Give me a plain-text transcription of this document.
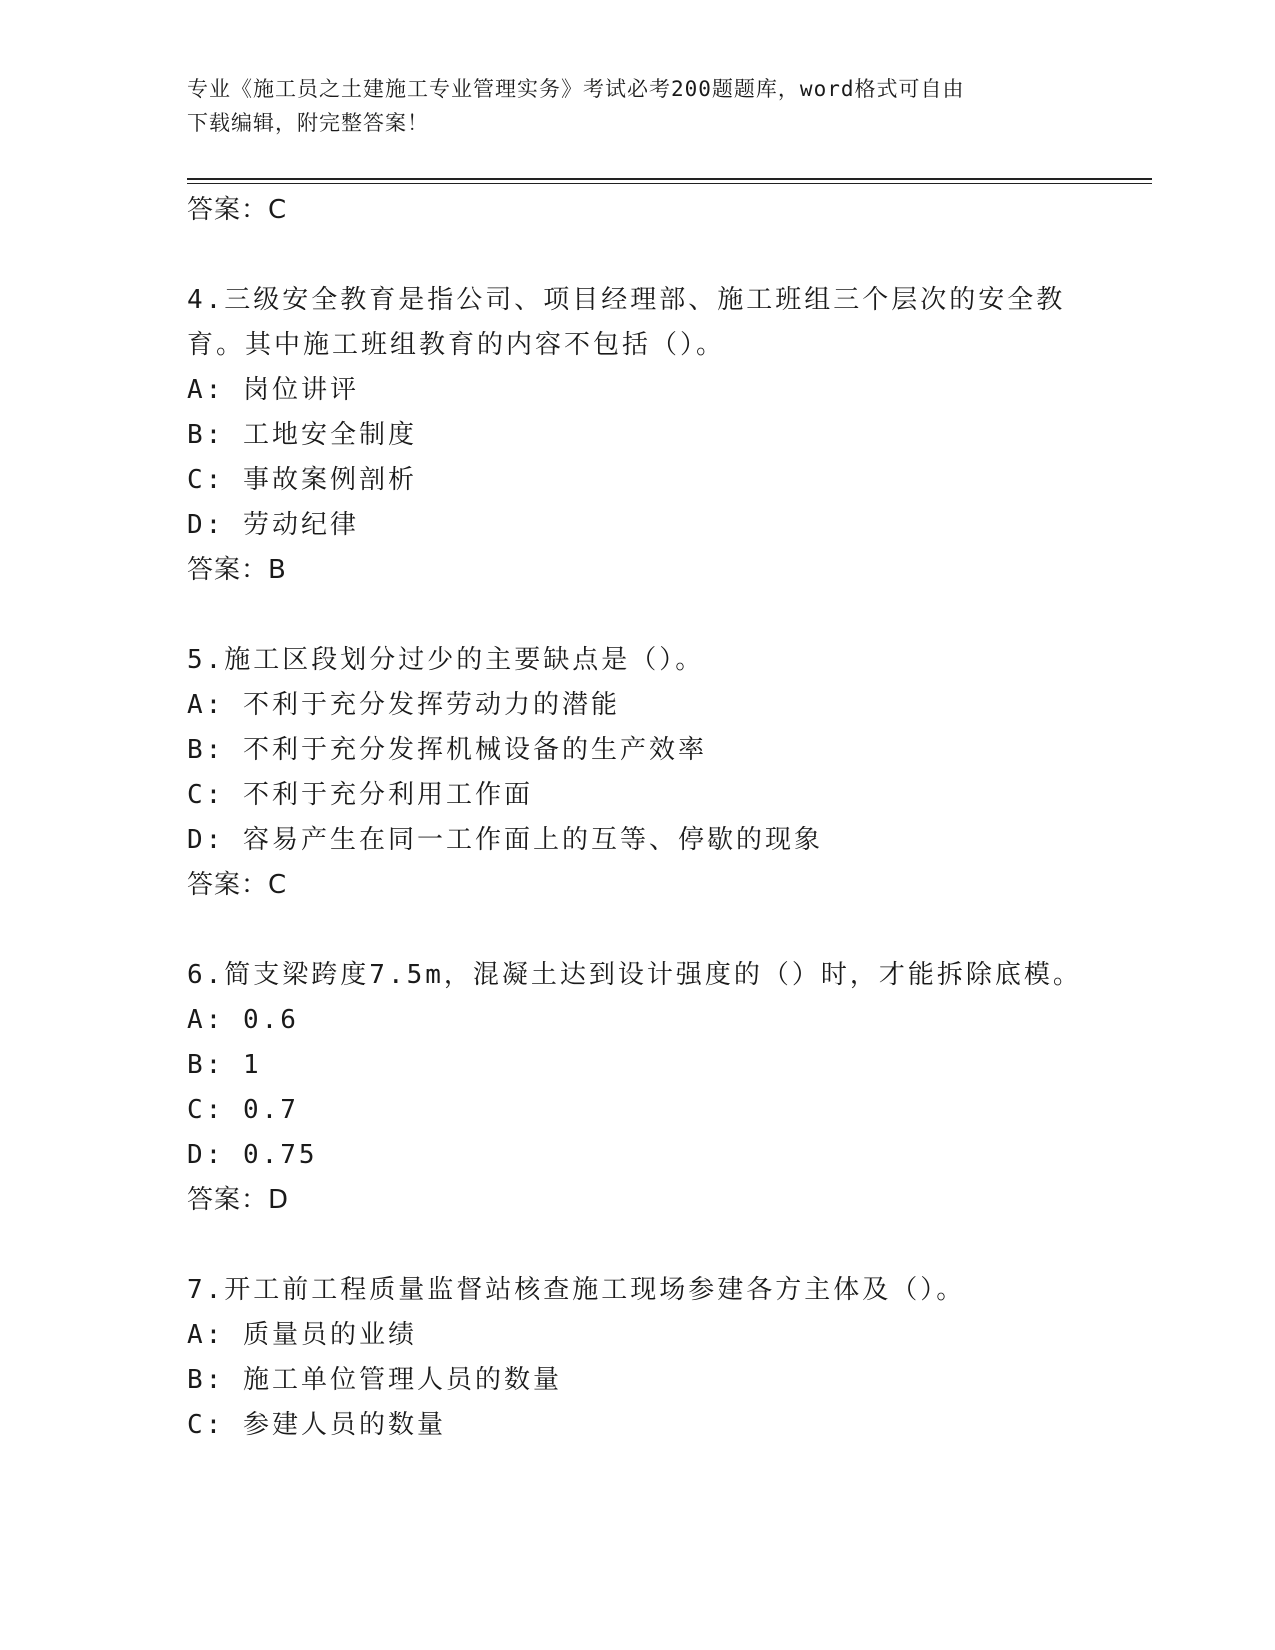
专业《施工员之土建施工专业管理实务》考试必考200题题库，word格式可自由
下载编辑，附完整答案！
答案：C
4.三级安全教育是指公司、项目经理部、施工班组三个层次的安全教
育。其中施工班组教育的内容不包括（）。
A: 岗位讲评
B: 工地安全制度
C: 事故案例剖析
D: 劳动纪律
答案：B
5.施工区段划分过少的主要缺点是（）。
A: 不利于充分发挥劳动力的潜能
B: 不利于充分发挥机械设备的生产效率
C: 不利于充分利用工作面
D: 容易产生在同一工作面上的互等、停歇的现象
答案：C
6.简支梁跨度7.5m，混凝土达到设计强度的（）时，才能拆除底模。
A: 0.6
B: 1
C: 0.7
D: 0.75
答案：D
7.开工前工程质量监督站核查施工现场参建各方主体及（）。
A: 质量员的业绩
B: 施工单位管理人员的数量
C: 参建人员的数量
